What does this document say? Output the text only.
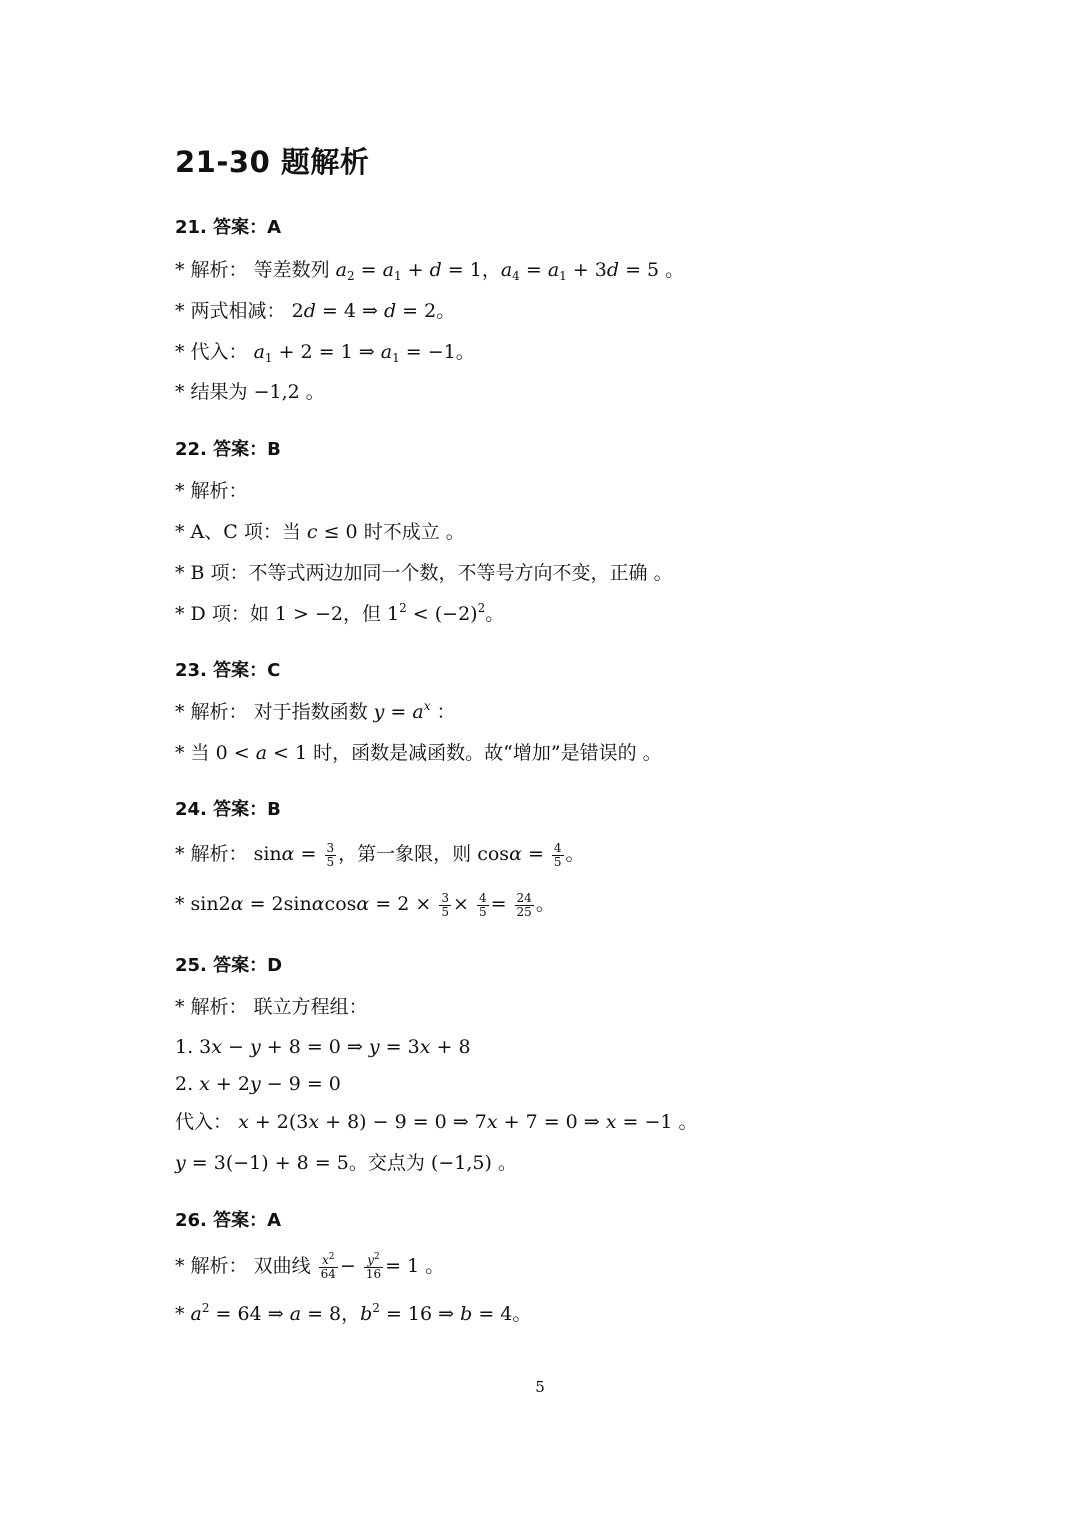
21-30 题解析
21. 答案：A
* 解析： 等差数列 $a_2 = a_1 + d = 1$，$a_4 = a_1 + 3d = 5$ 。
* 两式相减： 2d = 4 ⇒ d = 2。
* 代入： $a_1 + 2 = 1$ ⇒ $a_1 = -1$。
* 结果为 −1,2 。
22. 答案：B
* 解析：
* A、C 项：当 c ≤ 0 时不成立 。
* B 项：不等式两边加同一个数，不等号方向不变，正确 。
* D 项：如 1 > −2，但 $1^2 < (-2)^2$。
23. 答案：C
* 解析： 对于指数函数 $y = a^x$ ：
* 当 0 < a < 1 时，函数是减函数。故“增加”是错误的 。
24. 答案：B
* 解析： $\sin\alpha = \frac{3}{5}$ ，第一象限，则 $\cos\alpha = \frac{4}{5}$ 。
* $\sin 2\alpha = 2\sin\alpha\cos\alpha = 2 \times \frac{3}{5} \times \frac{4}{5} = \frac{24}{25}$ 。
25. 答案：D
* 解析： 联立方程组：
1. 3x − y + 8 = 0 ⇒ y = 3x + 8
2. x + 2y − 9 = 0
代入： x + 2(3x + 8) − 9 = 0 ⇒ 7x + 7 = 0 ⇒ x = −1 。
y = 3(−1) + 8 = 5。交点为 (−1,5) 。
26. 答案：A
* 解析： 双曲线 $\frac{x^2}{64} - \frac{y^2}{16} = 1$ 。
* $a^2 = 64$ ⇒ a = 8，$b^2 = 16$ ⇒ b = 4。
5
